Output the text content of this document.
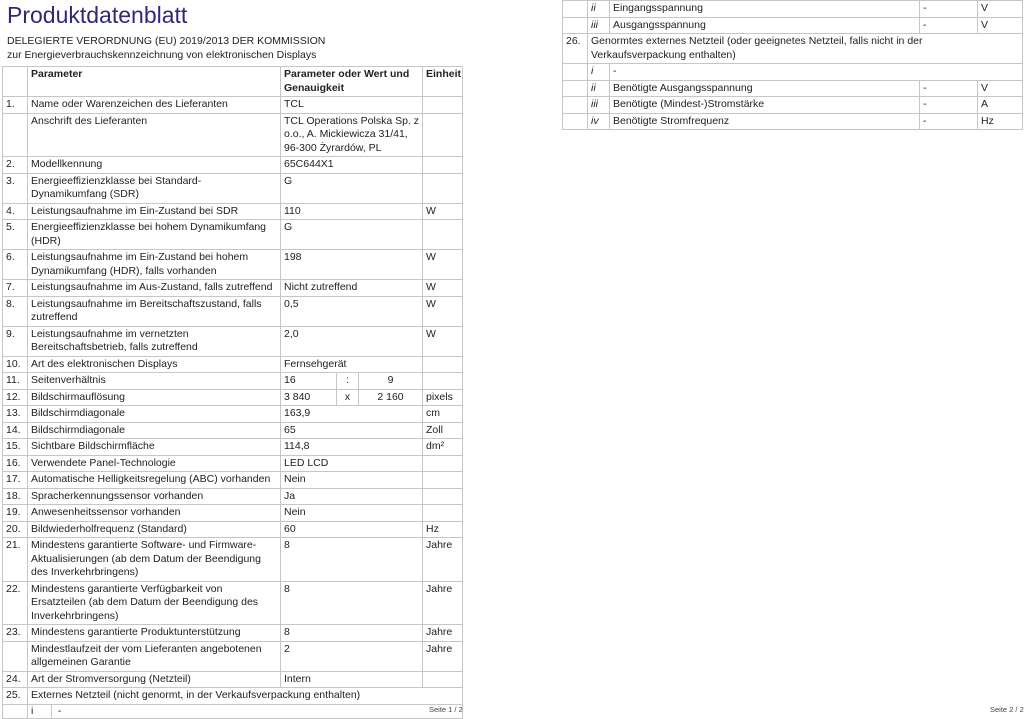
Produktdatenblatt
DELEGIERTE VERORDNUNG (EU) 2019/2013 DER KOMMISSION zur Energieverbrauchskennzeichnung von elektronischen Displays
	Parameter	Parameter oder Wert und Genauigkeit			Einheit
1.	Name oder Warenzeichen des Lieferanten	TCL			
	Anschrift des Lieferanten	TCL Operations Polska Sp. z o.o., A. Mickiewicza 31/41, 96-300 Żyrardów, PL			
2.	Modellkennung	65C644X1			
3.	Energieeffizienzklasse bei Standard-Dynamikumfang (SDR)	G			
4.	Leistungsaufnahme im Ein-Zustand bei SDR	110			W
5.	Energieeffizienzklasse bei hohem Dynamikumfang (HDR)	G			
6.	Leistungsaufnahme im Ein-Zustand bei hohem Dynamikumfang (HDR), falls vorhanden	198			W
7.	Leistungsaufnahme im Aus-Zustand, falls zutreffend	Nicht zutreffend			W
8.	Leistungsaufnahme im Bereitschaftszustand, falls zutreffend	0,5			W
9.	Leistungsaufnahme im vernetzten Bereitschaftsbetrieb, falls zutreffend	2,0			W
10.	Art des elektronischen Displays	Fernsehgerät			
11.	Seitenverhältnis	16	:	9	
12.	Bildschirmauflösung	3 840	x	2 160	pixels
13.	Bildschirmdiagonale	163,9			cm
14.	Bildschirmdiagonale	65			Zoll
15.	Sichtbare Bildschirmfläche	114,8			dm²
16.	Verwendete Panel-Technologie	LED LCD			
17.	Automatische Helligkeitsregelung (ABC) vorhanden	Nein			
18.	Spracherkennungssensor vorhanden	Ja			
19.	Anwesenheitssensor vorhanden	Nein			
20.	Bildwiederholfrequenz (Standard)	60			Hz
21.	Mindestens garantierte Software- und Firmware-Aktualisierungen (ab dem Datum der Beendigung des Inverkehrbringens)	8			Jahre
22.	Mindestens garantierte Verfügbarkeit von Ersatzteilen (ab dem Datum der Beendigung des Inverkehrbringens)	8			Jahre
23.	Mindestens garantierte Produktunterstützung	8			Jahre
	Mindestlaufzeit der vom Lieferanten angebotenen allgemeinen Garantie	2			Jahre
24.	Art der Stromversorgung (Netzteil)	Intern			
25.	Externes Netzteil (nicht genormt, in der Verkaufsverpackung enthalten)				
	i -					Seite 1 / 2
	ii	Eingangsspannung	-	V
	iii	Ausgangsspannung	-	V
26.	Genormtes externes Netzteil (oder geeignetes Netzteil, falls nicht in der Verkaufsverpackung enthalten)			
	i	-		
	ii	Benötigte Ausgangsspannung	-	V
	iii	Benötigte (Mindest-)Stromstärke	-	A
	iv	Benötigte Stromfrequenz	-	Hz
Seite 2 / 2
